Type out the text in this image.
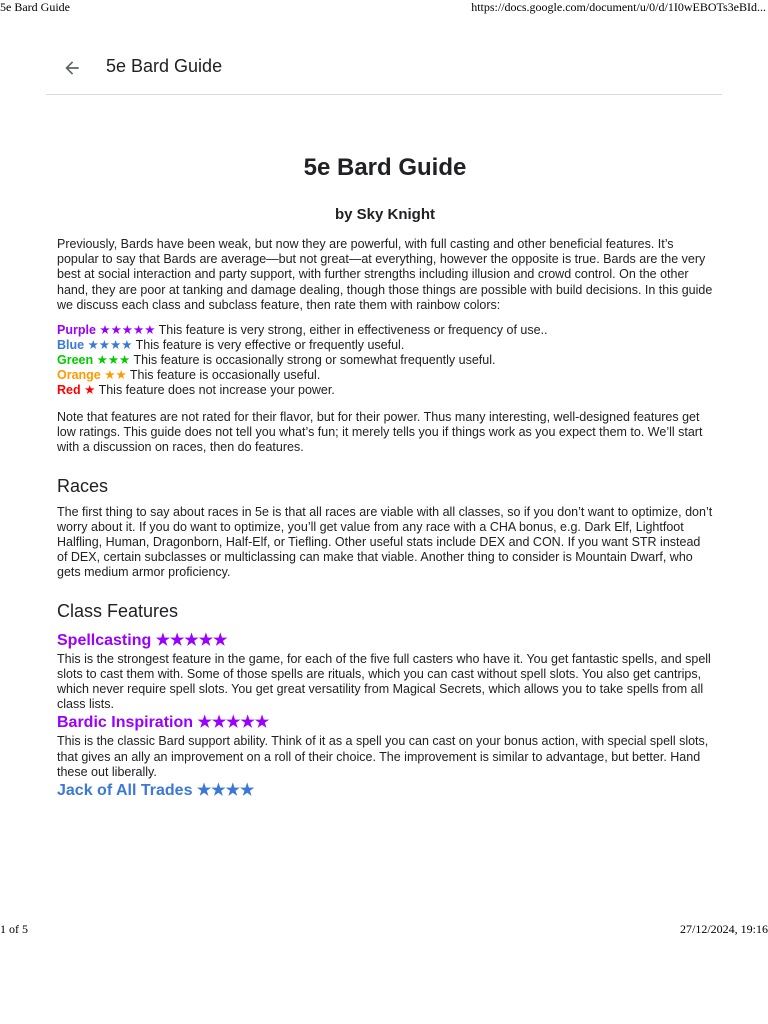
5e Bard Guide	https://docs.google.com/document/u/0/d/1I0wEBOTs3eBId...
5e Bard Guide
5e Bard Guide
by Sky Knight

Previously, Bards have been weak, but now they are powerful, with full casting and other beneficial features. It’s popular to say that Bards are average—but not great—at everything, however the opposite is true. Bards are the very best at social interaction and party support, with further strengths including illusion and crowd control. On the other hand, they are poor at tanking and damage dealing, though those things are possible with build decisions. In this guide we discuss each class and subclass feature, then rate them with rainbow colors:

Purple ★★★★★ This feature is very strong, either in effectiveness or frequency of use..
Blue ★★★★ This feature is very effective or frequently useful.
Green ★★★ This feature is occasionally strong or somewhat frequently useful.
Orange ★★ This feature is occasionally useful.
Red ★ This feature does not increase your power.

Note that features are not rated for their flavor, but for their power. Thus many interesting, well-designed features get low ratings. This guide does not tell you what’s fun; it merely tells you if things work as you expect them to. We’ll start with a discussion on races, then do features.

Races

The first thing to say about races in 5e is that all races are viable with all classes, so if you don’t want to optimize, don’t worry about it. If you do want to optimize, you’ll get value from any race with a CHA bonus, e.g. Dark Elf, Lightfoot Halfling, Human, Dragonborn, Half-Elf, or Tiefling. Other useful stats include DEX and CON. If you want STR instead of DEX, certain subclasses or multiclassing can make that viable. Another thing to consider is Mountain Dwarf, who gets medium armor proficiency.

Class Features
Spellcasting ★★★★★

This is the strongest feature in the game, for each of the five full casters who have it. You get fantastic spells, and spell slots to cast them with. Some of those spells are rituals, which you can cast without spell slots. You also get cantrips, which never require spell slots. You get great versatility from Magical Secrets, which allows you to take spells from all class lists.

Bardic Inspiration ★★★★★

This is the classic Bard support ability. Think of it as a spell you can cast on your bonus action, with special spell slots, that gives an ally an improvement on a roll of their choice. The improvement is similar to advantage, but better. Hand these out liberally.

Jack of All Trades ★★★★
1 of 5	27/12/2024, 19:16
